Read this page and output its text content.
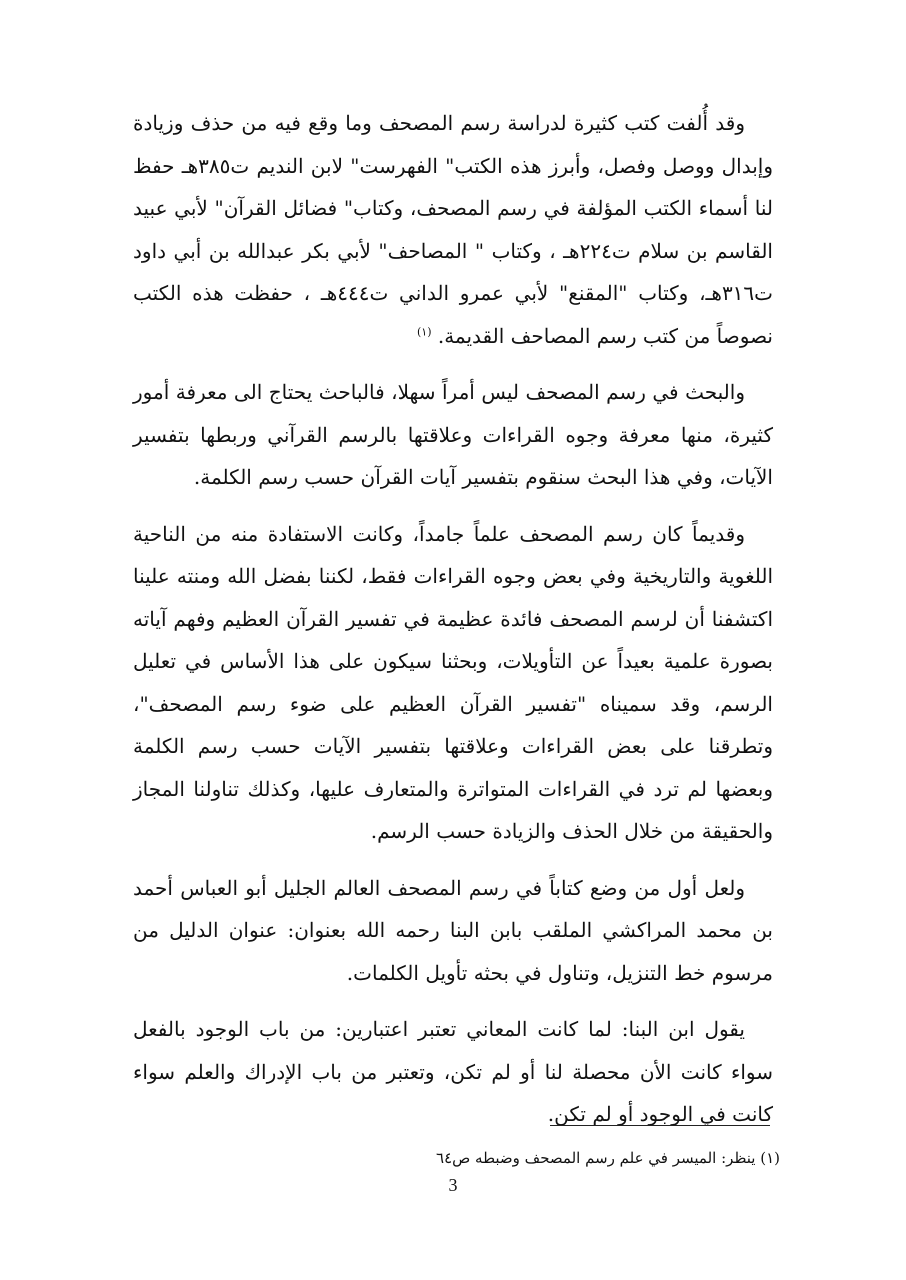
وقد أُلفت كتب كثيرة لدراسة رسم المصحف وما وقع فيه من حذف وزيادة وإبدال ووصل وفصل، وأبرز هذه الكتب" الفهرست" لابن النديم ت٣٨٥هـ حفظ لنا أسماء الكتب المؤلفة في رسم المصحف، وكتاب" فضائل القرآن" لأبي عبيد القاسم بن سلام ت٢٢٤هـ ، وكتاب " المصاحف" لأبي بكر عبدالله بن أبي داود ت٣١٦هـ، وكتاب "المقنع" لأبي عمرو الداني ت٤٤٤هـ ، حفظت هذه الكتب نصوصاً من كتب رسم المصاحف القديمة. $^{(١)}$

والبحث في رسم المصحف ليس أمراً سهلا، فالباحث يحتاج الى معرفة أمور كثيرة، منها معرفة وجوه القراءات وعلاقتها بالرسم القرآني وربطها بتفسير الآيات، وفي هذا البحث سنقوم بتفسير آيات القرآن حسب رسم الكلمة.

وقديماً كان رسم المصحف علماً جامداً، وكانت الاستفادة منه من الناحية اللغوية والتاريخية وفي بعض وجوه القراءات فقط، لكننا بفضل الله ومنته علينا اكتشفنا أن لرسم المصحف فائدة عظيمة في تفسير القرآن العظيم وفهم آياته بصورة علمية بعيداً عن التأويلات، وبحثنا سيكون على هذا الأساس في تعليل الرسم، وقد سميناه "تفسير القرآن العظيم على ضوء رسم المصحف"، وتطرقنا على بعض القراءات وعلاقتها بتفسير الآيات حسب رسم الكلمة وبعضها لم ترد في القراءات المتواترة والمتعارف عليها، وكذلك تناولنا المجاز والحقيقة من خلال الحذف والزيادة حسب الرسم.

ولعل أول من وضع كتاباً في رسم المصحف العالم الجليل أبو العباس أحمد بن محمد المراكشي الملقب بابن البنا رحمه الله بعنوان: عنوان الدليل من مرسوم خط التنزيل، وتناول في بحثه تأويل الكلمات.

يقول ابن البنا: لما كانت المعاني تعتبر اعتبارين: من باب الوجود بالفعل سواء كانت الأن محصلة لنا أو لم تكن، وتعتبر من باب الإدراك والعلم سواء كانت في الوجود أو لم تكن.

(١) ينظر: الميسر في علم رسم المصحف وضبطه ص٦٤
3
